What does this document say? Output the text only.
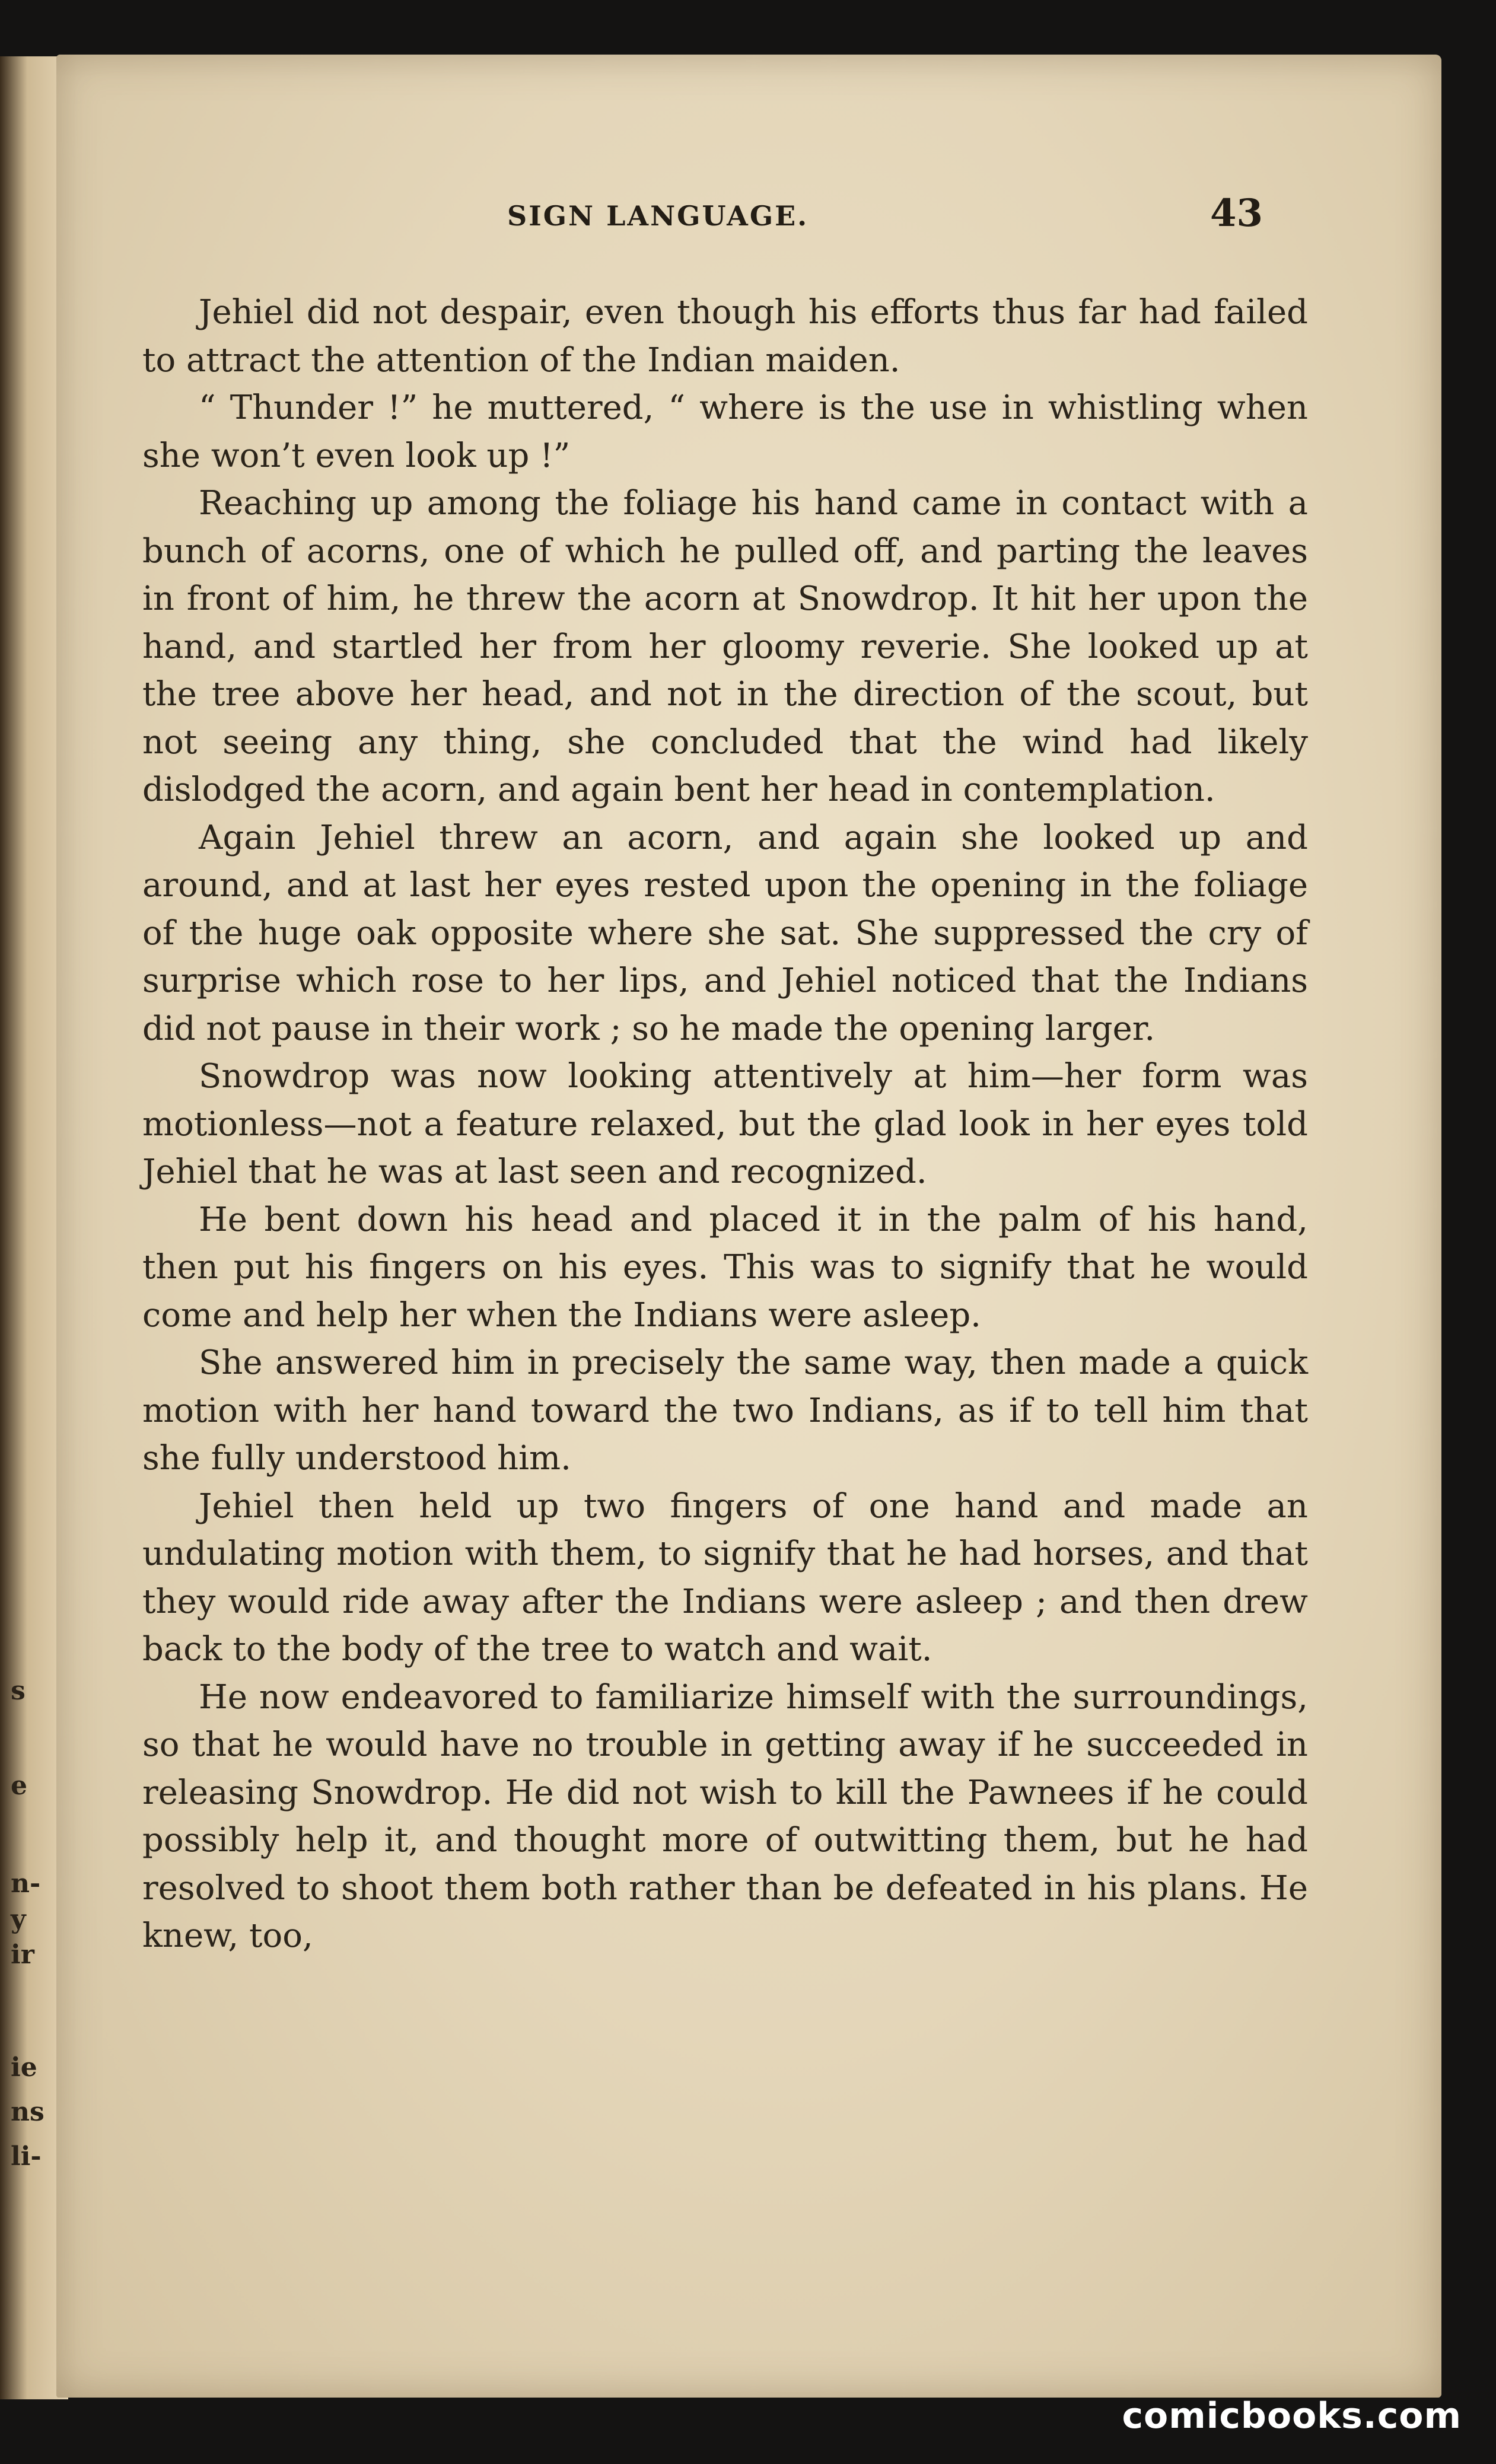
s
e
n-
y
ir
ie
ns
li-
SIGN LANGUAGE.	43

Jehiel did not despair, even though his efforts thus far had failed to attract the attention of the Indian maiden.

“ Thunder !” he muttered, “ where is the use in whistling when she won’t even look up !”

Reaching up among the foliage his hand came in contact with a bunch of acorns, one of which he pulled off, and parting the leaves in front of him, he threw the acorn at Snowdrop. It hit her upon the hand, and startled her from her gloomy reverie. She looked up at the tree above her head, and not in the direction of the scout, but not seeing any thing, she concluded that the wind had likely dislodged the acorn, and again bent her head in contemplation.

Again Jehiel threw an acorn, and again she looked up and around, and at last her eyes rested upon the opening in the foliage of the huge oak opposite where she sat. She suppressed the cry of surprise which rose to her lips, and Jehiel noticed that the Indians did not pause in their work ; so he made the opening larger.

Snowdrop was now looking attentively at him—her form was motionless—not a feature relaxed, but the glad look in her eyes told Jehiel that he was at last seen and recognized.

He bent down his head and placed it in the palm of his hand, then put his fingers on his eyes. This was to signify that he would come and help her when the Indians were asleep.

She answered him in precisely the same way, then made a quick motion with her hand toward the two Indians, as if to tell him that she fully understood him.

Jehiel then held up two fingers of one hand and made an undulating motion with them, to signify that he had horses, and that they would ride away after the Indians were asleep ; and then drew back to the body of the tree to watch and wait.

He now endeavored to familiarize himself with the surroundings, so that he would have no trouble in getting away if he succeeded in releasing Snowdrop. He did not wish to kill the Pawnees if he could possibly help it, and thought more of outwitting them, but he had resolved to shoot them both rather than be defeated in his plans. He knew, too,

comicbooks.com
